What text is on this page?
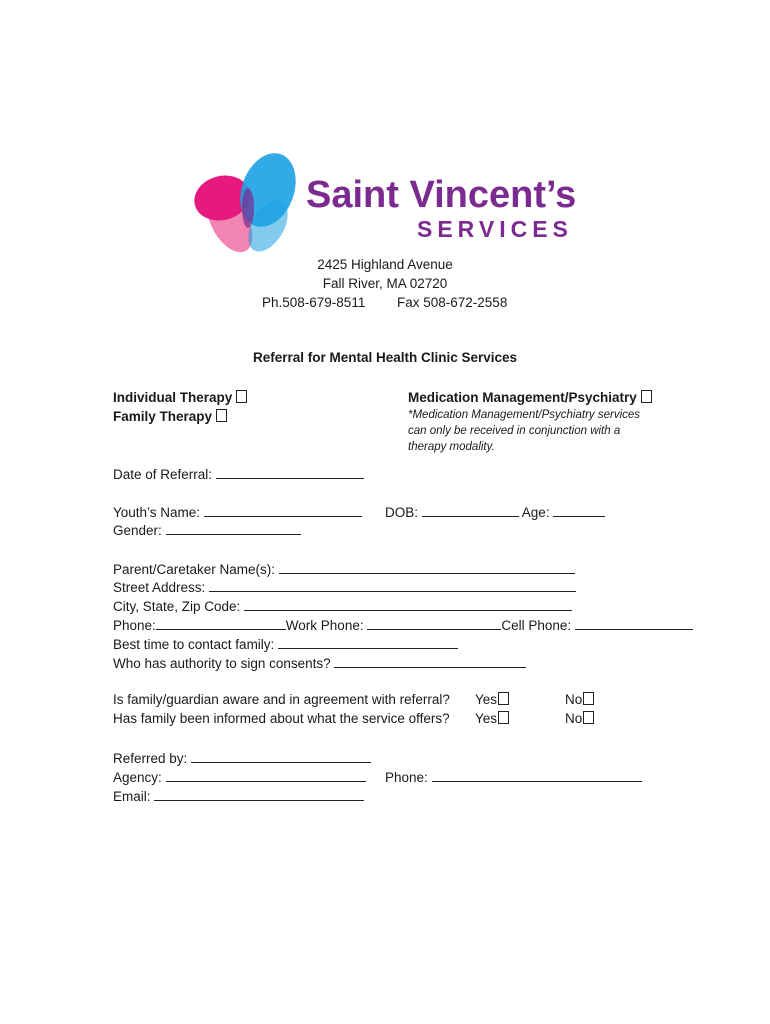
Saint Vincent’s
SERVICES
2425 Highland Avenue
Fall River, MA 02720
Ph.508-679-8511 Fax 508-672-2558
Referral for Mental Health Clinic Services
Individual Therapy
Family Therapy
Medication Management/Psychiatry
*Medication Management/Psychiatry services
can only be received in conjunction with a
therapy modality.
Date of Referral:
Youth’s Name:	DOB:	Age:
Gender:
Parent/Caretaker Name(s):
Street Address:
City, State, Zip Code:
Phone:	Work Phone:	Cell Phone:
Best time to contact family:
Who has authority to sign consents?
Is family/guardian aware and in agreement with referral? Yes	No
Has family been informed about what the service offers? Yes	No
Referred by:
Agency:	Phone:
Email:
